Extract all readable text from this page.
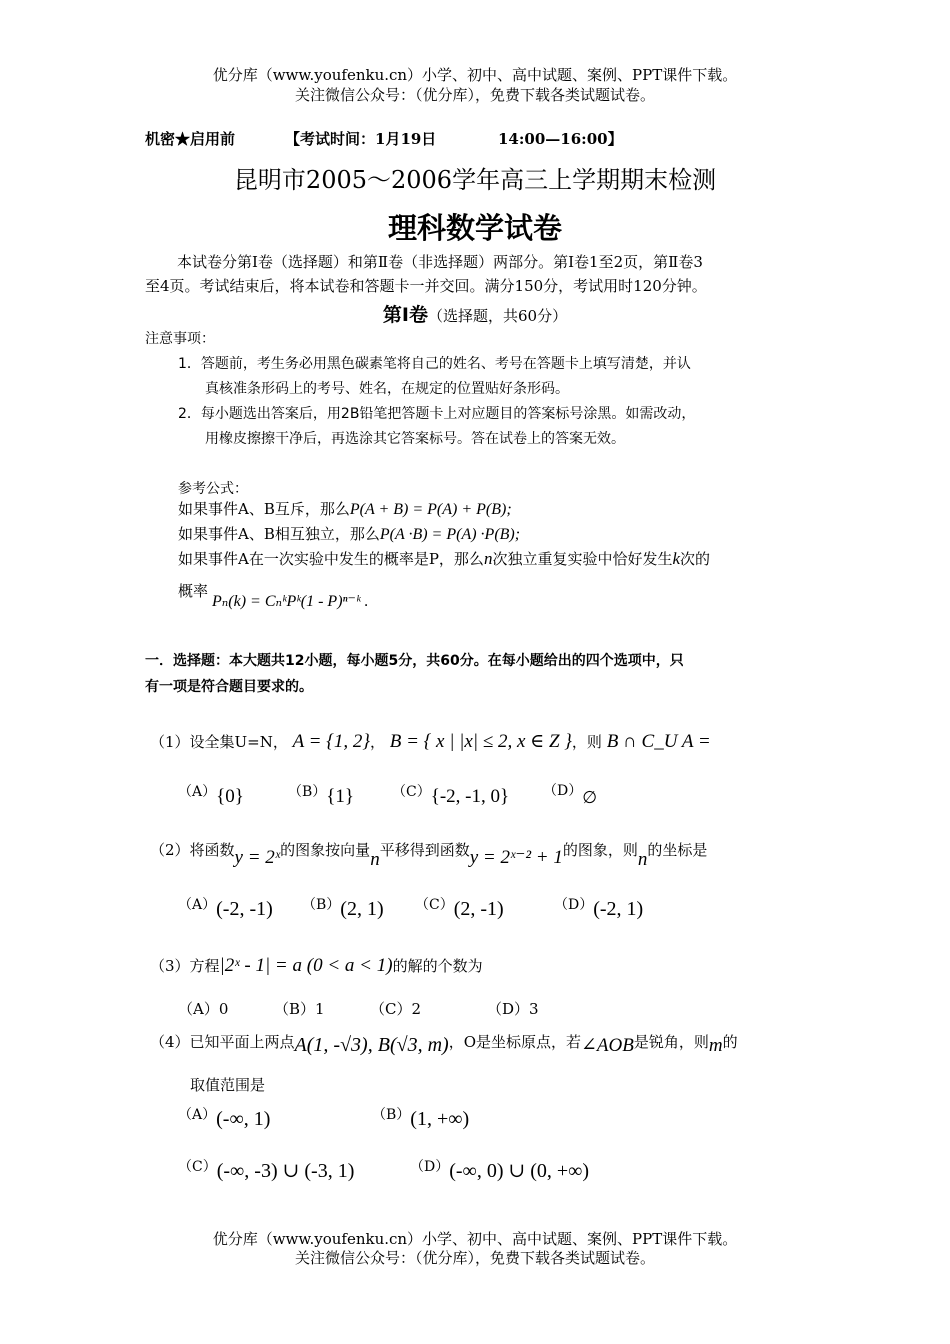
优分库（www.youfenku.cn）小学、初中、高中试题、案例、PPT课件下载。
关注微信公众号：（优分库），免费下载各类试题试卷。
机密★启用前	【考试时间：1月19日	14:00—16:00】
昆明市2005～2006学年高三上学期期末检测
理科数学试卷
本试卷分第Ⅰ卷（选择题）和第Ⅱ卷（非选择题）两部分。第Ⅰ卷1至2页，第Ⅱ卷3
至4页。考试结束后，将本试卷和答题卡一并交回。满分150分，考试用时120分钟。
第Ⅰ卷（选择题，共60分）
注意事项：
1．答题前，考生务必用黑色碳素笔将自己的姓名、考号在答题卡上填写清楚，并认
真核准条形码上的考号、姓名，在规定的位置贴好条形码。
2．每小题选出答案后，用2B铅笔把答题卡上对应题目的答案标号涂黑。如需改动，
用橡皮擦擦干净后，再选涂其它答案标号。答在试卷上的答案无效。
参考公式：
如果事件A、B互斥，那么P(A + B) = P(A) + P(B);
如果事件A、B相互独立，那么P(A ·B) = P(A) ·P(B);
如果事件A在一次实验中发生的概率是P，那么n次独立重复实验中恰好发生k次的
概率Pₙ(k) = CₙᵏPᵏ(1 - P)ⁿ⁻ᵏ .
一．选择题：本大题共12小题，每小题5分，共60分。在每小题给出的四个选项中，只
有一项是符合题目要求的。
（1）设全集U=N， A = {1, 2}， B = { x | |x| ≤ 2, x ∈ Z }，则 B ∩ C_U A =
（A）{0}	（B）{1}	（C）{-2, -1, 0} （D）∅
（2）将函数y = 2ˣ的图象按向量n平移得到函数y = 2ˣ⁻² + 1的图象，则n的坐标是
（A）(-2, -1) （B）(2, 1) （C）(2, -1)	（D）(-2, 1)
（3）方程|2ˣ - 1| = a (0 < a < 1)的解的个数为
（A）0	（B）1	（C）2	（D）3
（4）已知平面上两点A(1, -√3), B(√3, m)，O是坐标原点，若∠AOB是锐角，则m的
取值范围是
（A）(-∞, 1)	（B）(1, +∞)
（C）(-∞, -3) ∪ (-3, 1)	（D）(-∞, 0) ∪ (0, +∞)
优分库（www.youfenku.cn）小学、初中、高中试题、案例、PPT课件下载。
关注微信公众号：（优分库），免费下载各类试题试卷。
